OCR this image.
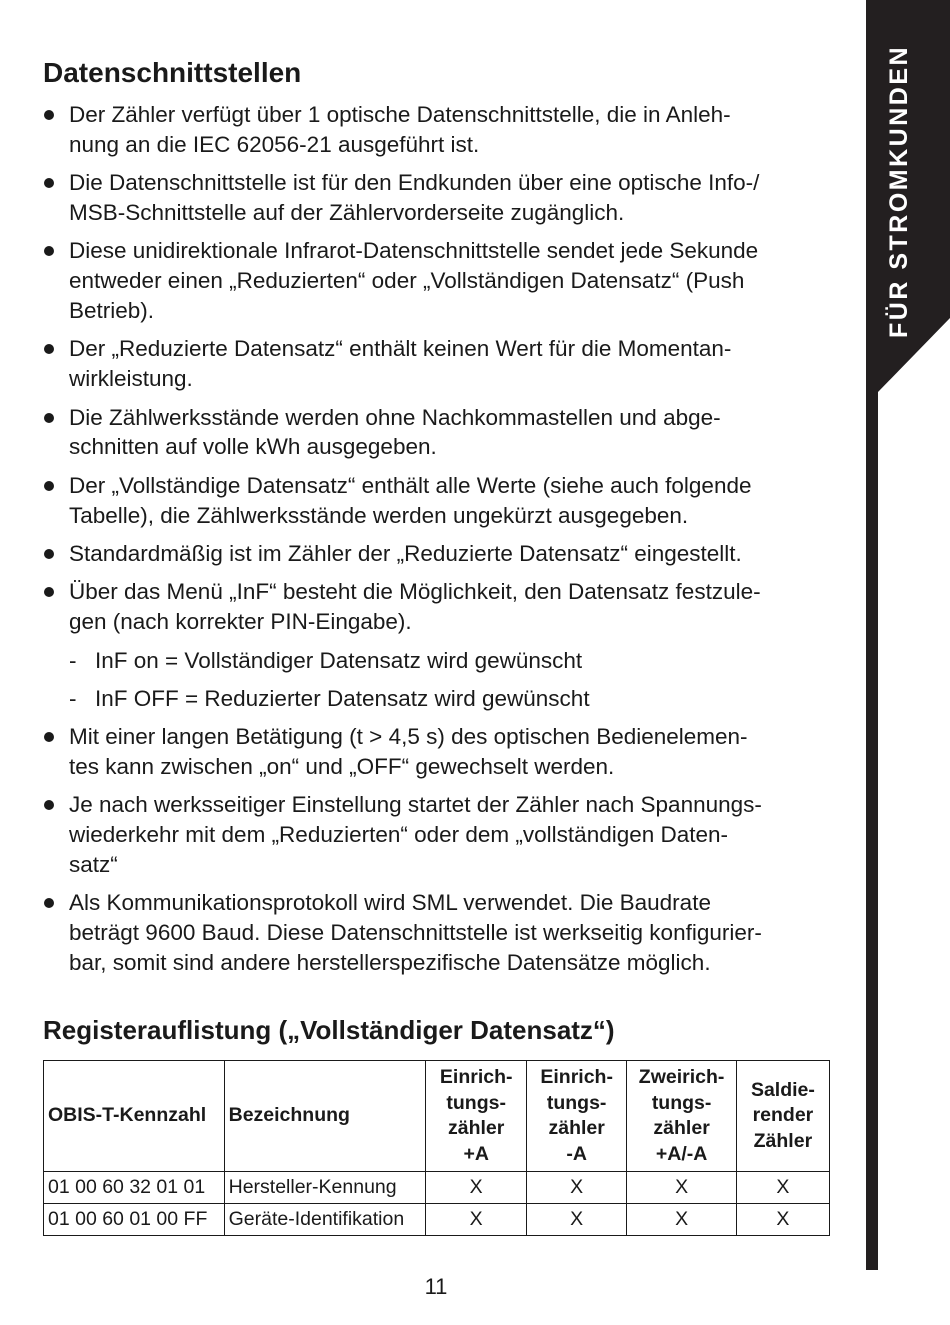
FÜR STROMKUNDEN
Datenschnittstellen
Der Zähler verfügt über 1 optische Datenschnittstelle, die in Anleh-
nung an die IEC 62056-21 ausgeführt ist.
Die Datenschnittstelle ist für den Endkunden über eine optische Info-/
MSB-Schnittstelle auf der Zählervorderseite zugänglich.
Diese unidirektionale Infrarot-Datenschnittstelle sendet jede Sekunde
entweder einen „Reduzierten“ oder „Vollständigen Datensatz“ (Push
Betrieb).
Der „Reduzierte Datensatz“ enthält keinen Wert für die Momentan-
wirkleistung.
Die Zählwerksstände werden ohne Nachkommastellen und abge-
schnitten auf volle kWh ausgegeben.
Der „Vollständige Datensatz“ enthält alle Werte (siehe auch folgende
Tabelle), die Zählwerksstände werden ungekürzt ausgegeben.
Standardmäßig ist im Zähler der „Reduzierte Datensatz“ eingestellt.
Über das Menü „InF“ besteht die Möglichkeit, den Datensatz festzule-
gen (nach korrekter PIN-Eingabe).
- InF on = Vollständiger Datensatz wird gewünscht
- InF OFF = Reduzierter Datensatz wird gewünscht
Mit einer langen Betätigung (t > 4,5 s) des optischen Bedienelemen-
tes kann zwischen „on“ und „OFF“ gewechselt werden.
Je nach werksseitiger Einstellung startet der Zähler nach Spannungs-
wiederkehr mit dem „Reduzierten“ oder dem „vollständigen Daten-
satz“
Als Kommunikationsprotokoll wird SML verwendet. Die Baudrate
beträgt 9600 Baud. Diese Datenschnittstelle ist werkseitig konfigurier-
bar, somit sind andere herstellerspezifische Datensätze möglich.
Registerauflistung („Vollständiger Datensatz“)
OBIS-T-Kennzahl	Bezeichnung	Einrich-
tungs-
zähler
+A	Einrich-
tungs-
zähler
-A	Zweirich-
tungs-
zähler
+A/-A	Saldie-
render
Zähler
01 00 60 32 01 01	Hersteller-Kennung	X	X	X	X
01 00 60 01 00 FF	Geräte-Identifikation	X	X	X	X
11
